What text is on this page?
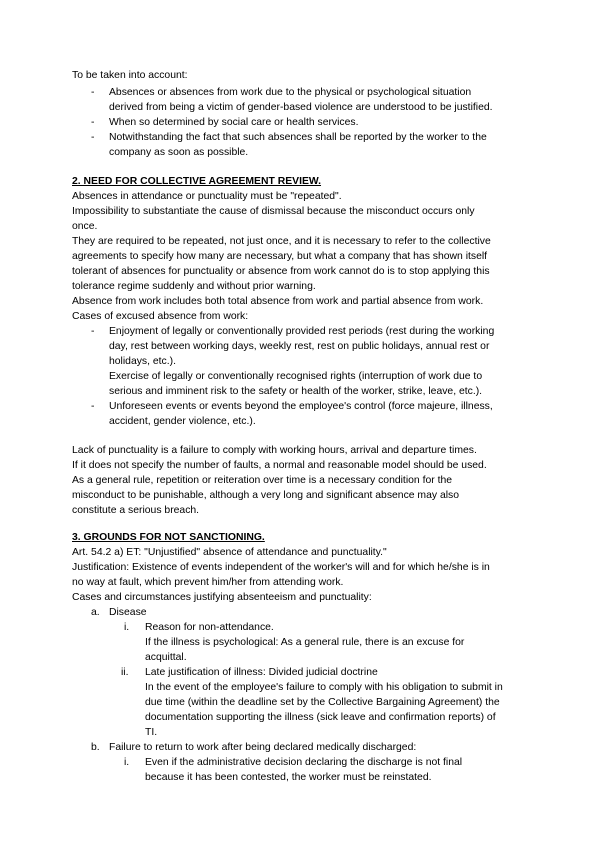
To be taken into account:
- Absences or absences from work due to the physical or psychological situation
derived from being a victim of gender-based violence are understood to be justified.
- When so determined by social care or health services.
- Notwithstanding the fact that such absences shall be reported by the worker to the
company as soon as possible.
2. NEED FOR COLLECTIVE AGREEMENT REVIEW.
Absences in attendance or punctuality must be "repeated".
Impossibility to substantiate the cause of dismissal because the misconduct occurs only
once.
They are required to be repeated, not just once, and it is necessary to refer to the collective
agreements to specify how many are necessary, but what a company that has shown itself
tolerant of absences for punctuality or absence from work cannot do is to stop applying this
tolerance regime suddenly and without prior warning.
Absence from work includes both total absence from work and partial absence from work.
Cases of excused absence from work:
- Enjoyment of legally or conventionally provided rest periods (rest during the working
day, rest between working days, weekly rest, rest on public holidays, annual rest or
holidays, etc.).
Exercise of legally or conventionally recognised rights (interruption of work due to
serious and imminent risk to the safety or health of the worker, strike, leave, etc.).
- Unforeseen events or events beyond the employee's control (force majeure, illness,
accident, gender violence, etc.).
Lack of punctuality is a failure to comply with working hours, arrival and departure times.
If it does not specify the number of faults, a normal and reasonable model should be used.
As a general rule, repetition or reiteration over time is a necessary condition for the
misconduct to be punishable, although a very long and significant absence may also
constitute a serious breach.
3. GROUNDS FOR NOT SANCTIONING.
Art. 54.2 a) ET: "Unjustified" absence of attendance and punctuality."
Justification: Existence of events independent of the worker's will and for which he/she is in
no way at fault, which prevent him/her from attending work.
Cases and circumstances justifying absenteeism and punctuality:
a. Disease
i. Reason for non-attendance.
If the illness is psychological: As a general rule, there is an excuse for
acquittal.
ii. Late justification of illness: Divided judicial doctrine
In the event of the employee's failure to comply with his obligation to submit in
due time (within the deadline set by the Collective Bargaining Agreement) the
documentation supporting the illness (sick leave and confirmation reports) of
TI.
b. Failure to return to work after being declared medically discharged:
i. Even if the administrative decision declaring the discharge is not final
because it has been contested, the worker must be reinstated.
